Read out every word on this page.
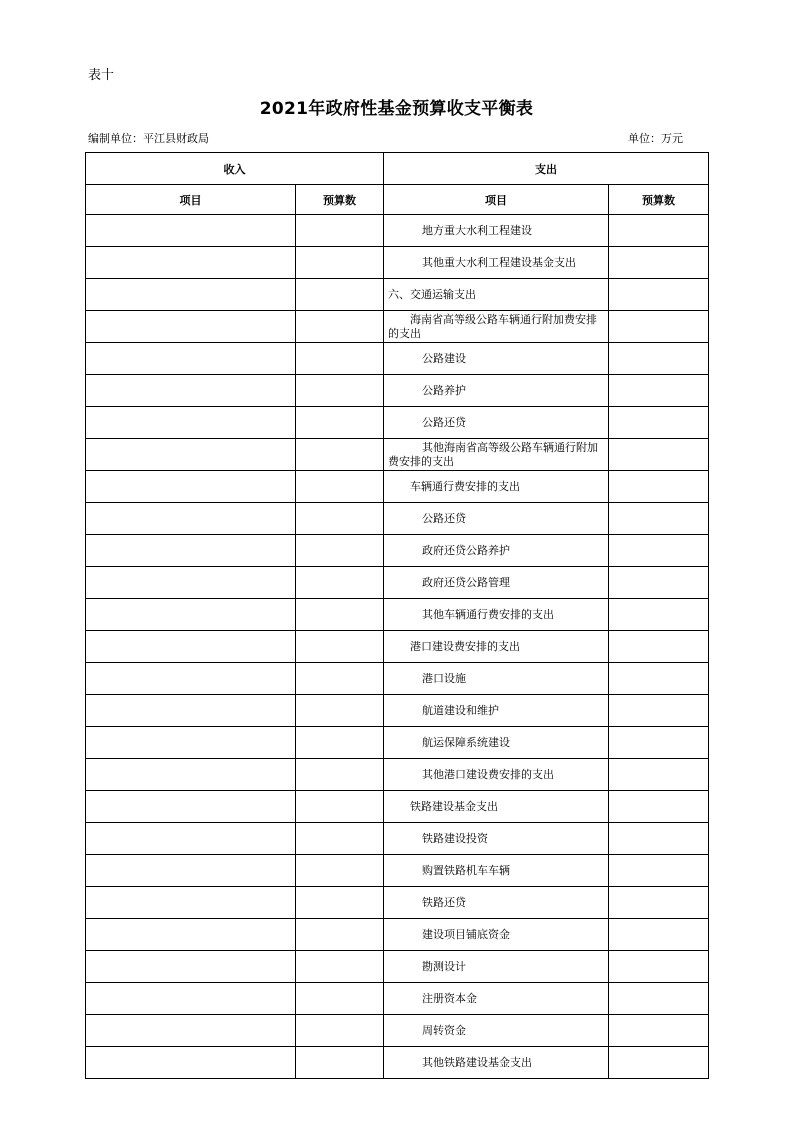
表十
2021年政府性基金预算收支平衡表
编制单位：平江县财政局	单位：万元
收入		支出	
项目	预算数	项目	预算数
		地方重大水利工程建设	
		其他重大水利工程建设基金支出	
		六、交通运输支出	
		海南省高等级公路车辆通行附加费安排的支出	
		公路建设	
		公路养护	
		公路还贷	
		其他海南省高等级公路车辆通行附加费安排的支出	
		车辆通行费安排的支出	
		公路还贷	
		政府还贷公路养护	
		政府还贷公路管理	
		其他车辆通行费安排的支出	
		港口建设费安排的支出	
		港口设施	
		航道建设和维护	
		航运保障系统建设	
		其他港口建设费安排的支出	
		铁路建设基金支出	
		铁路建设投资	
		购置铁路机车车辆	
		铁路还贷	
		建设项目铺底资金	
		勘测设计	
		注册资本金	
		周转资金	
		其他铁路建设基金支出	
